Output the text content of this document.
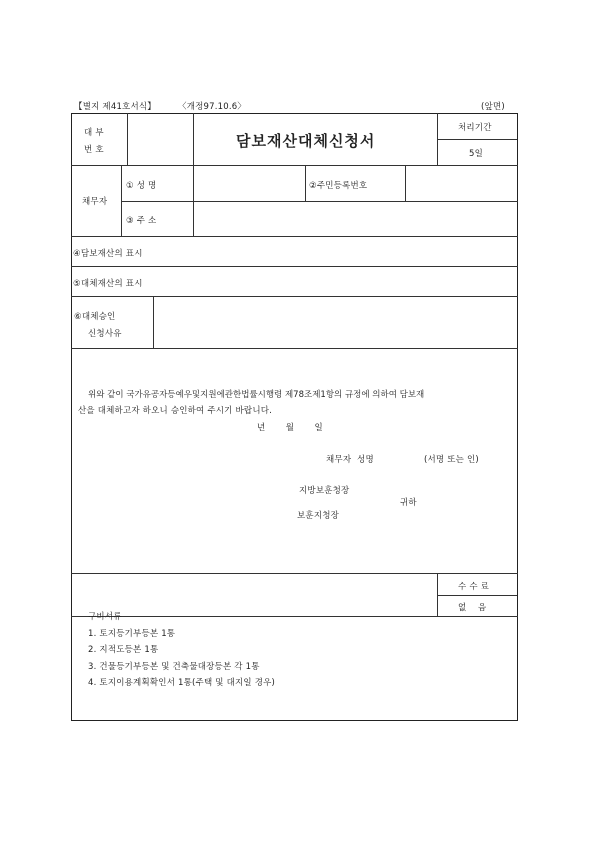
【별지 제41호서식】	〈개정97.10.6〉	(앞면)
대 부
번 호	담보재산대체신청서
처리기간
5일
채무자
① 성 명	②주민등록번호
③ 주 소
④담보재산의 표시
⑤대체재산의 표시
⑥대체승인
신청사유
위와 같이 국가유공자등예우및지원에관한법률시행령 제78조제1항의 규정에 의하여 담보재
산을 대체하고자 하오니 승인하여 주시기 바랍니다.
년       월       일
채무자  성명	(서명 또는 인)
지방보훈청장
귀하
보훈지청장
수 수 료
없    음
구비서류
1. 토지등기부등본 1통
2. 지적도등본 1통
3. 건물등기부등본 및 건축물대장등본 각 1통
4. 토지이용계획확인서 1통(주택 및 대지일 경우)
